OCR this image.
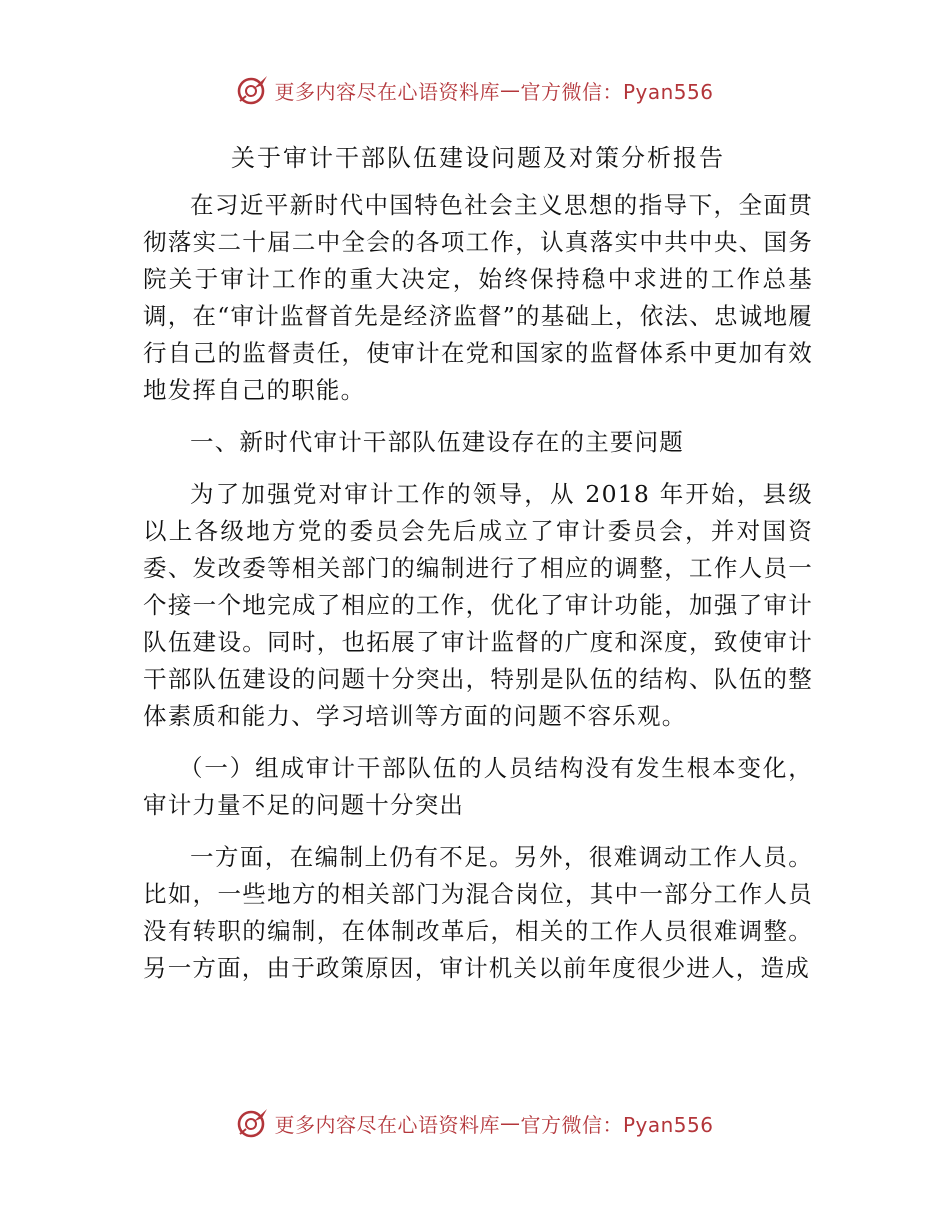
更多内容尽在心语资料库 — 官方微信：Pyan556
关于审计干部队伍建设问题及对策分析报告

在习近平新时代中国特色社会主义思想的指导下，全面贯彻落实二十届二中全会的各项工作，认真落实中共中央、国务院关于审计工作的重大决定，始终保持稳中求进的工作总基调，在“审计监督首先是经济监督”的基础上，依法、忠诚地履行自己的监督责任，使审计在党和国家的监督体系中更加有效地发挥自己的职能。

一、新时代审计干部队伍建设存在的主要问题

为了加强党对审计工作的领导，从 2018 年开始，县级以上各级地方党的委员会先后成立了审计委员会，并对国资委、发改委等相关部门的编制进行了相应的调整，工作人员一个接一个地完成了相应的工作，优化了审计功能，加强了审计队伍建设。同时，也拓展了审计监督的广度和深度，致使审计干部队伍建设的问题十分突出，特别是队伍的结构、队伍的整体素质和能力、学习培训等方面的问题不容乐观。

（一）组成审计干部队伍的人员结构没有发生根本变化，审计力量不足的问题十分突出

一方面，在编制上仍有不足。另外，很难调动工作人员。比如，一些地方的相关部门为混合岗位，其中一部分工作人员没有转职的编制，在体制改革后，相关的工作人员很难调整。另一方面，由于政策原因，审计机关以前年度很少进人，造成

更多内容尽在心语资料库 — 官方微信：Pyan556
